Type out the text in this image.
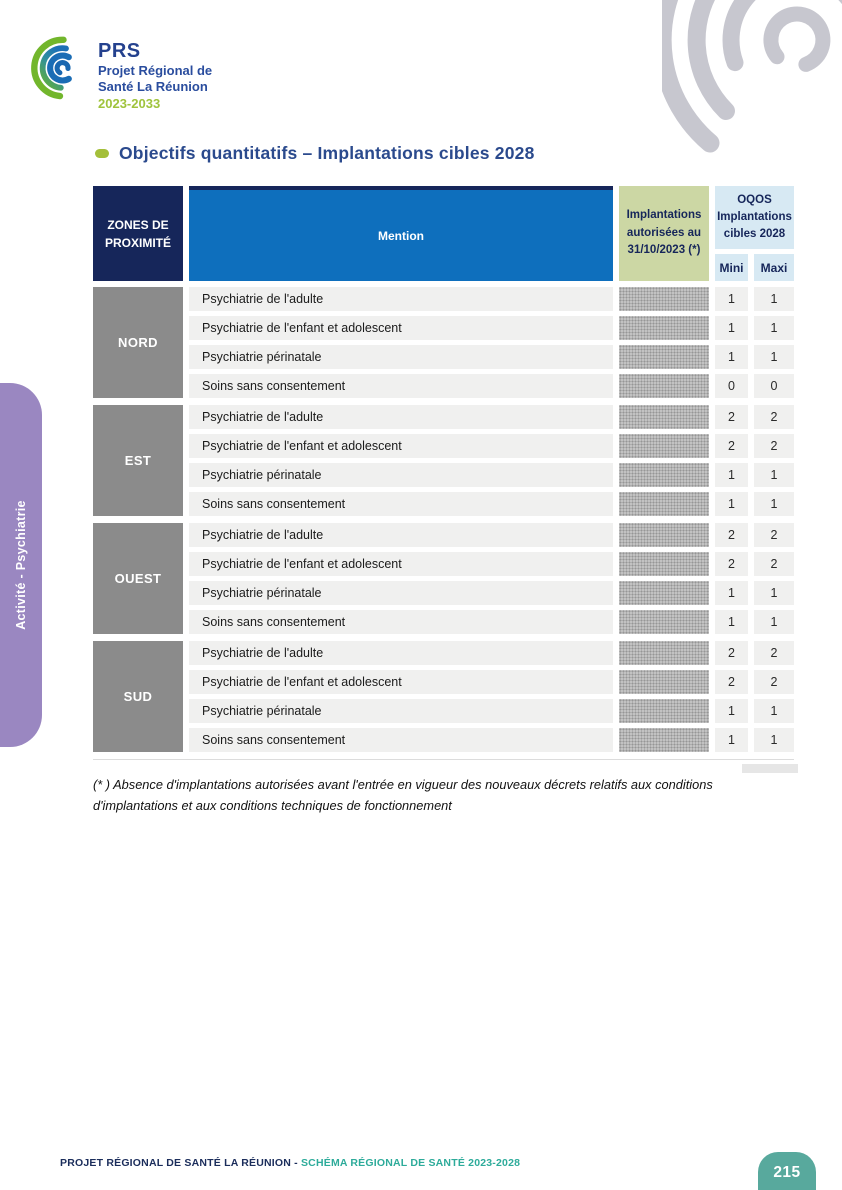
PRS
Projet Régional de
Santé La Réunion
2023-2033
Activité - Psychiatrie
Objectifs quantitatifs – Implantations cibles 2028
ZONES DE PROXIMITÉ	Mention
Implantations autorisées au 31/10/2023 (*)
OQOS Implantations cibles 2028
Mini	Maxi
NORD
Psychiatrie de l'adulte	1	1
Psychiatrie de l'enfant et adolescent	1	1
Psychiatrie périnatale	1	1
Soins sans consentement	0	0
EST
Psychiatrie de l'adulte	2	2
Psychiatrie de l'enfant et adolescent	2	2
Psychiatrie périnatale	1	1
Soins sans consentement	1	1
OUEST
Psychiatrie de l'adulte	2	2
Psychiatrie de l'enfant et adolescent	2	2
Psychiatrie périnatale	1	1
Soins sans consentement	1	1
SUD
Psychiatrie de l'adulte	2	2
Psychiatrie de l'enfant et adolescent	2	2
Psychiatrie périnatale	1	1
Soins sans consentement	1	1
(* ) Absence d'implantations autorisées avant l'entrée en vigueur des nouveaux décrets relatifs aux conditions d'implantations et aux conditions techniques de fonctionnement
PROJET RÉGIONAL DE SANTÉ LA RÉUNION - SCHÉMA RÉGIONAL DE SANTÉ 2023-2028
215
